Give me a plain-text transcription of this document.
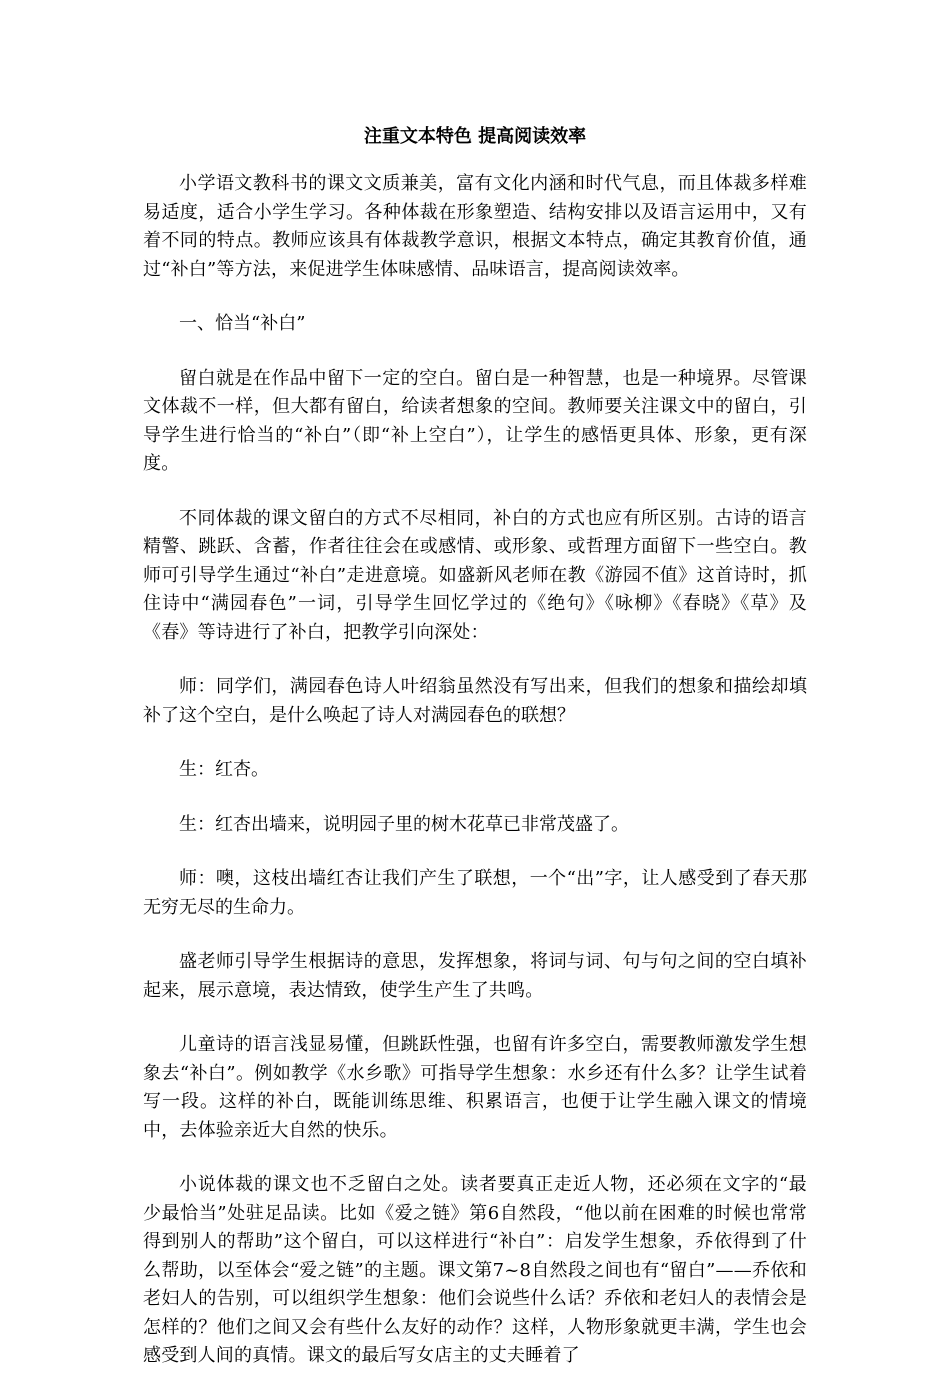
注重文本特色 提高阅读效率

小学语文教科书的课文文质兼美，富有文化内涵和时代气息，而且体裁多样难易适度，适合小学生学习。各种体裁在形象塑造、结构安排以及语言运用中，又有着不同的特点。教师应该具有体裁教学意识，根据文本特点，确定其教育价值，通过“补白”等方法，来促进学生体味感情、品味语言，提高阅读效率。

一、恰当“补白”

留白就是在作品中留下一定的空白。留白是一种智慧，也是一种境界。尽管课文体裁不一样，但大都有留白，给读者想象的空间。教师要关注课文中的留白，引导学生进行恰当的“补白”（即“补上空白”），让学生的感悟更具体、形象，更有深度。

不同体裁的课文留白的方式不尽相同，补白的方式也应有所区别。古诗的语言精警、跳跃、含蓄，作者往往会在或感情、或形象、或哲理方面留下一些空白。教师可引导学生通过“补白”走进意境。如盛新风老师在教《游园不值》这首诗时，抓住诗中“满园春色”一词，引导学生回忆学过的《绝句》《咏柳》《春晓》《草》及《春》等诗进行了补白，把教学引向深处：

师：同学们，满园春色诗人叶绍翁虽然没有写出来，但我们的想象和描绘却填补了这个空白，是什么唤起了诗人对满园春色的联想？

生：红杏。

生：红杏出墙来，说明园子里的树木花草已非常茂盛了。

师：噢，这枝出墙红杏让我们产生了联想，一个“出”字，让人感受到了春天那无穷无尽的生命力。

盛老师引导学生根据诗的意思，发挥想象，将词与词、句与句之间的空白填补起来，展示意境，表达情致，使学生产生了共鸣。

儿童诗的语言浅显易懂，但跳跃性强，也留有许多空白，需要教师激发学生想象去“补白”。例如教学《水乡歌》可指导学生想象：水乡还有什么多？让学生试着写一段。这样的补白，既能训练思维、积累语言，也便于让学生融入课文的情境中，去体验亲近大自然的快乐。

小说体裁的课文也不乏留白之处。读者要真正走近人物，还必须在文字的“最少最恰当”处驻足品读。比如《爱之链》第6自然段，“他以前在困难的时候也常常得到别人的帮助”这个留白，可以这样进行“补白”：启发学生想象，乔依得到了什么帮助，以至体会“爱之链”的主题。课文第7~8自然段之间也有“留白”——乔依和老妇人的告别，可以组织学生想象：他们会说些什么话？乔依和老妇人的表情会是怎样的？他们之间又会有些什么友好的动作？这样，人物形象就更丰满，学生也会感受到人间的真情。课文的最后写女店主的丈夫睡着了
